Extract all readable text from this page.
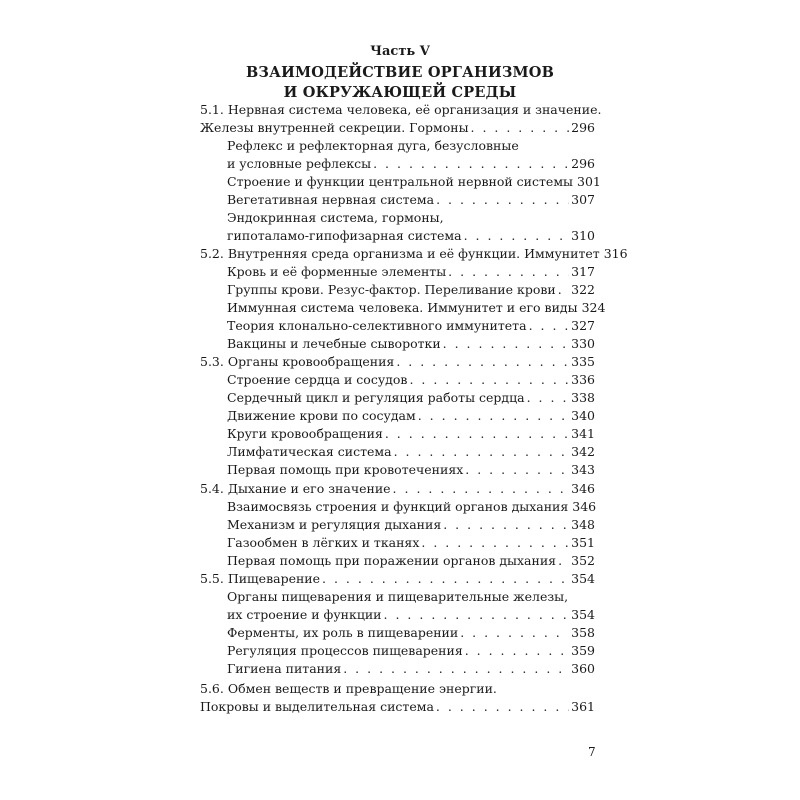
Часть V
ВЗАИМОДЕЙСТВИЕ ОРГАНИЗМОВ
И ОКРУЖАЮЩЕЙ СРЕДЫ
5.1. Нервная система человека, её организация и значение.
Железы внутренней секреции. Гормоны . . .	296
Рефлекс и рефлекторная дуга, безусловные
и условные рефлексы . . .	296
Строение и функции центральной нервной системы 301
Вегетативная нервная система . . .	307
Эндокринная система, гормоны,
гипоталамо-гипофизарная система . . .	310
5.2. Внутренняя среда организма и её функции. Иммунитет 316
Кровь и её форменные элементы . . .	317
Группы крови. Резус-фактор. Переливание крови . . . 322
Иммунная система человека. Иммунитет и его виды 324
Теория клонально-селективного иммунитета . . .	327
Вакцины и лечебные сыворотки . . .	330
5.3. Органы кровообращения . . .	335
Строение сердца и сосудов . . .	336
Сердечный цикл и регуляция работы сердца . . .	338
Движение крови по сосудам . . .	340
Круги кровообращения . . .	341
Лимфатическая система . . .	342
Первая помощь при кровотечениях . . .	343
5.4. Дыхание и его значение . . .	346
Взаимосвязь строения и функций органов дыхания 346
Механизм и регуляция дыхания . . .	348
Газообмен в лёгких и тканях . . .	351
Первая помощь при поражении органов дыхания . . . 352
5.5. Пищеварение . . .	354
Органы пищеварения и пищеварительные железы,
их строение и функции . . .	354
Ферменты, их роль в пищеварении . . .	358
Регуляция процессов пищеварения . . .	359
Гигиена питания . . .	360
5.6. Обмен веществ и превращение энергии.
Покровы и выделительная система . . .	361
7
